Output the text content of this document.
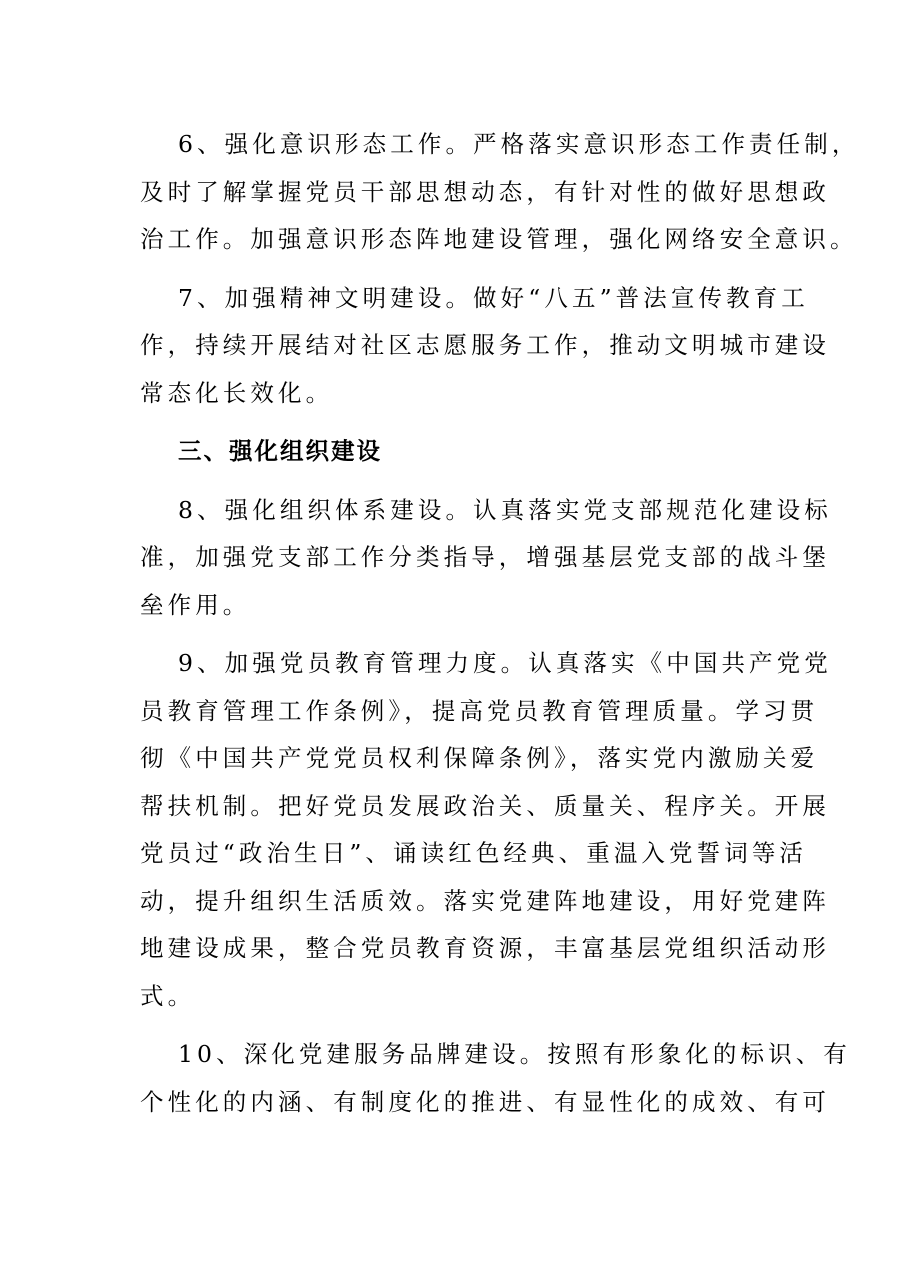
6、强化意识形态工作。严格落实意识形态工作责任制，
及时了解掌握党员干部思想动态，有针对性的做好思想政
治工作。加强意识形态阵地建设管理，强化网络安全意识。

7、加强精神文明建设。做好“八五”普法宣传教育工
作，持续开展结对社区志愿服务工作，推动文明城市建设
常态化长效化。

三、强化组织建设

8、强化组织体系建设。认真落实党支部规范化建设标
准，加强党支部工作分类指导，增强基层党支部的战斗堡
垒作用。

9、加强党员教育管理力度。认真落实《中国共产党党
员教育管理工作条例》，提高党员教育管理质量。学习贯
彻《中国共产党党员权利保障条例》，落实党内激励关爱
帮扶机制。把好党员发展政治关、质量关、程序关。开展
党员过“政治生日”、诵读红色经典、重温入党誓词等活
动，提升组织生活质效。落实党建阵地建设，用好党建阵
地建设成果，整合党员教育资源，丰富基层党组织活动形
式。

10、深化党建服务品牌建设。按照有形象化的标识、有
个性化的内涵、有制度化的推进、有显性化的成效、有可
